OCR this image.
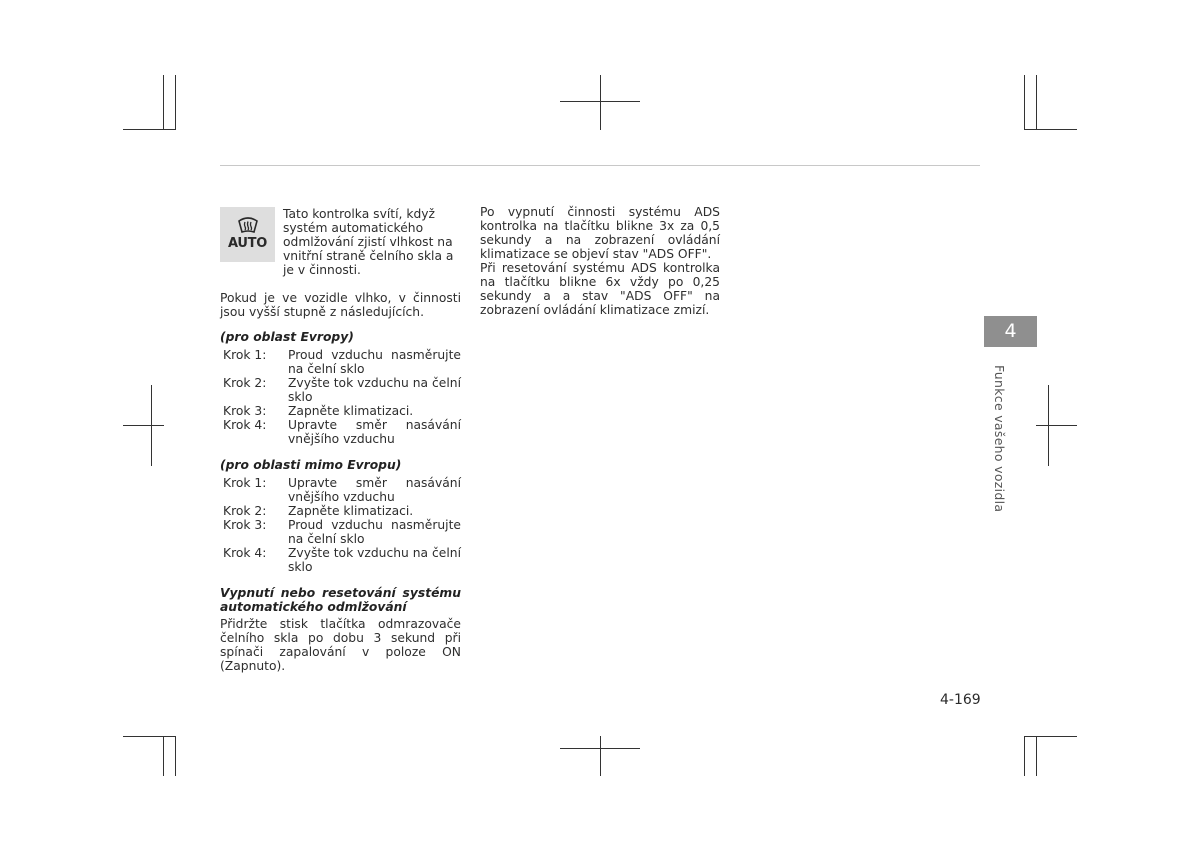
AUTO

Tato kontrolka svítí, když systém automatického odmlžování zjistí vlhkost na vnitřní straně čelního skla a je v činnosti.

Pokud je ve vozidle vlhko, v činnosti jsou vyšší stupně z následujících.

(pro oblast Evropy)
Krok 1:	Proud vzduchu nasměrujte na čelní sklo
Krok 2:	Zvyšte tok vzduchu na čelní sklo
Krok 3:	Zapněte klimatizaci.
Krok 4:	Upravte směr nasávání vnějšího vzduchu
(pro oblasti mimo Evropu)
Krok 1:	Upravte směr nasávání vnějšího vzduchu
Krok 2:	Zapněte klimatizaci.
Krok 3:	Proud vzduchu nasměrujte na čelní sklo
Krok 4:	Zvyšte tok vzduchu na čelní sklo
Vypnutí nebo resetování systému automatického odmlžování

Přidržte stisk tlačítka odmrazovače čelního skla po dobu 3 sekund při spínači zapalování v poloze ON (Zapnuto).

Po vypnutí činnosti systému ADS kontrolka na tlačítku blikne 3x za 0,5 sekundy a na zobrazení ovládání klimatizace se objeví stav "ADS OFF".

Při resetování systému ADS kontrolka na tlačítku blikne 6x vždy po 0,25 sekundy a a stav "ADS OFF" na zobrazení ovládání klimatizace zmizí.

4
Funkce vašeho vozidla
4-169
